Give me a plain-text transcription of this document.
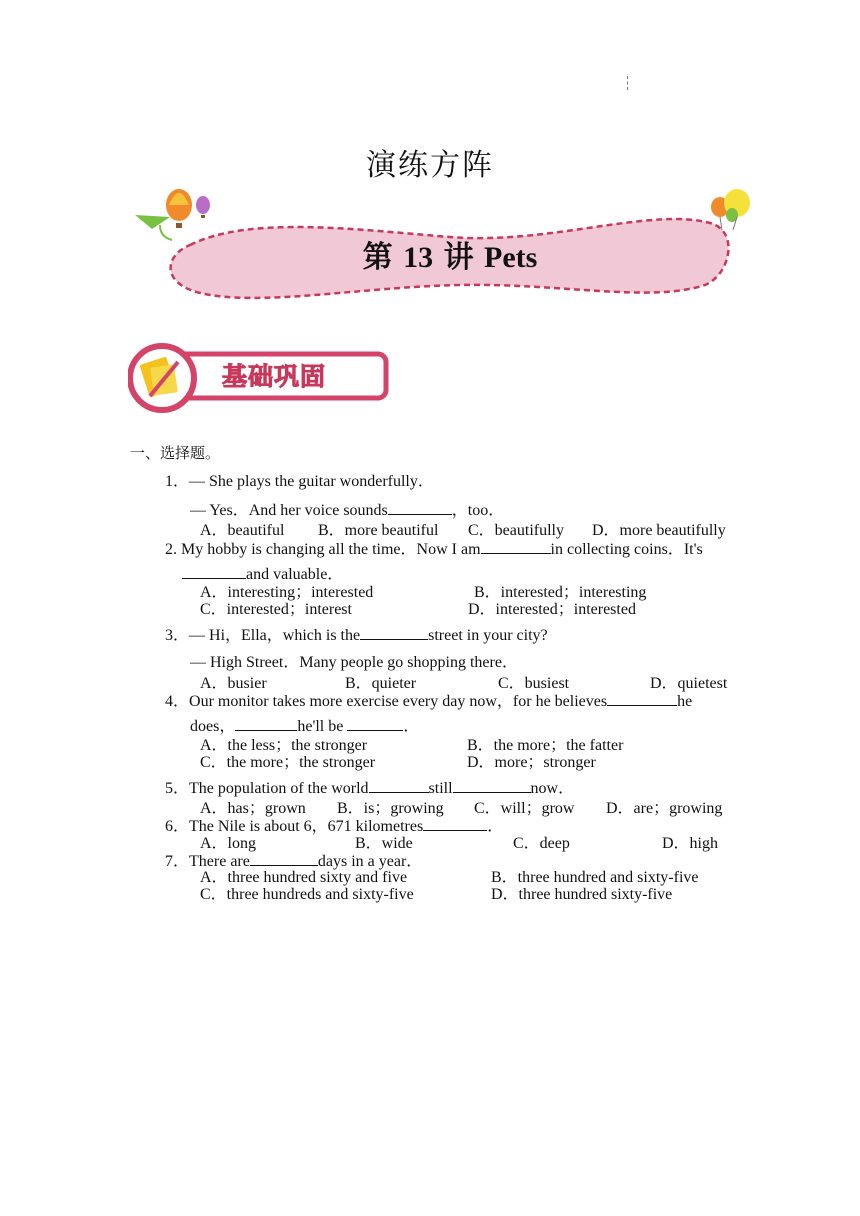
演练方阵
第 13 讲 Pets
基础巩固
一、选择题。
1．— She plays the guitar wonderfully．
— Yes．And her voice sounds	，too．
A．beautiful B．more beautiful C．beautifully D．more beautifully
2. My hobby is changing all the time．Now I am	in collecting coins．It's
and valuable．
A．interesting；interested	B．interested；interesting
C．interested；interest	D．interested；interested
3．— Hi，Ella，which is the	street in your city?
— High Street．Many people go shopping there．
A．busier	B．quieter	C．busiest	D．quietest
4．Our monitor takes more exercise every day now，for he believes	he
does，	he'll be	．
A．the less；the stronger	B．the more；the fatter
C．the more；the stronger	D．more；stronger
5．The population of the world	still	now．
A．has；grown B．is；growing C．will；grow D．are；growing
6．The Nile is about 6，671 kilometres	．
A．long	B．wide	C．deep	D．high
7．There are	days in a year．
A．three hundred sixty and five	B．three hundred and sixty-five
C．three hundreds and sixty-five	D．three hundred sixty-five
